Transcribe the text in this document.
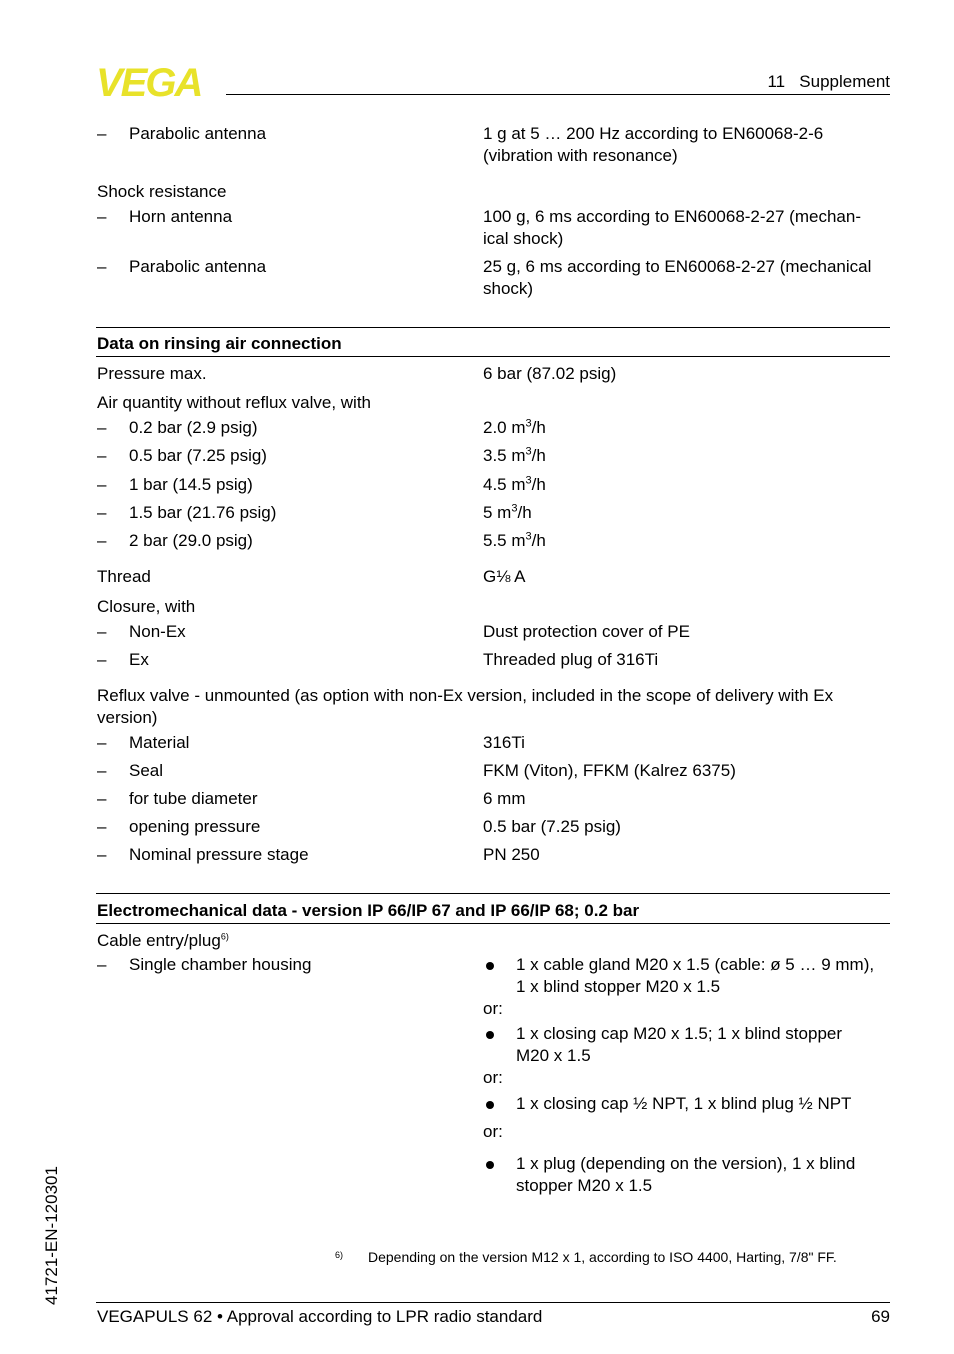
VEGA	11   Supplement
– Parabolic antenna	1 g at 5 … 200 Hz according to EN60068-2-6
(vibration with resonance)
Shock resistance
– Horn antenna	100 g, 6 ms according to EN60068-2-27 (mechan-
ical shock)
– Parabolic antenna	25 g, 6 ms according to EN60068-2-27 (mechanical
shock)
Data on rinsing air connection
Pressure max.	6 bar (87.02 psig)
Air quantity without reflux valve, with
– 0.2 bar (2.9 psig)	2.0 $m^3/h$
– 0.5 bar (7.25 psig)	3.5 $m^3/h$
– 1 bar (14.5 psig)	4.5 $m^3/h$
– 1.5 bar (21.76 psig)	5 $m^3/h$
– 2 bar (29.0 psig)	5.5 $m^3/h$
Thread	G⅛ A
Closure, with
– Non-Ex	Dust protection cover of PE
– Ex	Threaded plug of 316Ti
Reflux valve - unmounted (as option with non-Ex version, included in the scope of delivery with Ex
version)
– Material	316Ti
– Seal	FKM (Viton), FFKM (Kalrez 6375)
– for tube diameter	6 mm
– opening pressure	0.5 bar (7.25 psig)
– Nominal pressure stage	PN 250
Electromechanical data - version IP 66/IP 67 and IP 66/IP 68; 0.2 bar
Cable entry/plug$^{6)}$
– Single chamber housing	1 x cable gland M20 x 1.5 (cable: ø 5 … 9 mm),
1 x blind stopper M20 x 1.5
or:
1 x closing cap M20 x 1.5; 1 x blind stopper
M20 x 1.5
or:
1 x closing cap ½ NPT, 1 x blind plug ½ NPT
or:
1 x plug (depending on the version), 1 x blind
stopper M20 x 1.5
6) Depending on the version M12 x 1, according to ISO 4400, Harting, 7/8" FF.
41721-EN-120301
VEGAPULS 62 • Approval according to LPR radio standard	69
